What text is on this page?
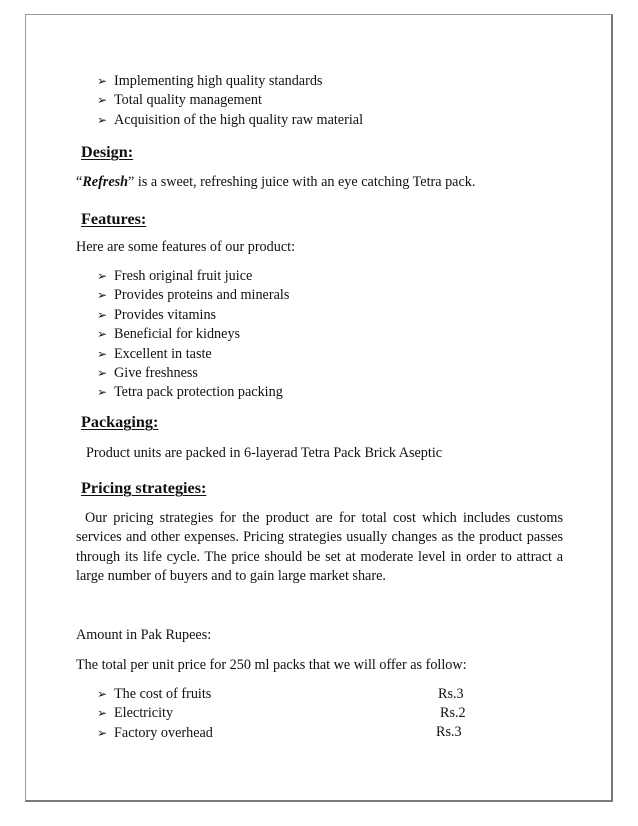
➢ Implementing high quality standards
➢ Total quality management
➢ Acquisition of the high quality raw material
Design:
“Refresh” is a sweet, refreshing juice with an eye catching Tetra pack.
Features:
Here are some features of our product:
➢ Fresh original fruit juice
➢ Provides proteins and minerals
➢ Provides vitamins
➢ Beneficial for kidneys
➢ Excellent in taste
➢ Give freshness
➢ Tetra pack protection packing
Packaging:
Product units are packed in 6-layerad Tetra Pack Brick Aseptic
Pricing strategies:
Our pricing strategies for the product are for total cost which includes customs services and other expenses. Pricing strategies usually changes as the product passes through its life cycle. The price should be set at moderate level in order to attract a large number of buyers and to gain large market share.
Amount in Pak Rupees:
The total per unit price for 250 ml packs that we will offer as follow:
➢ The cost of fruits
➢ Electricity
➢ Factory overhead
Rs.3
Rs.2
Rs.3
